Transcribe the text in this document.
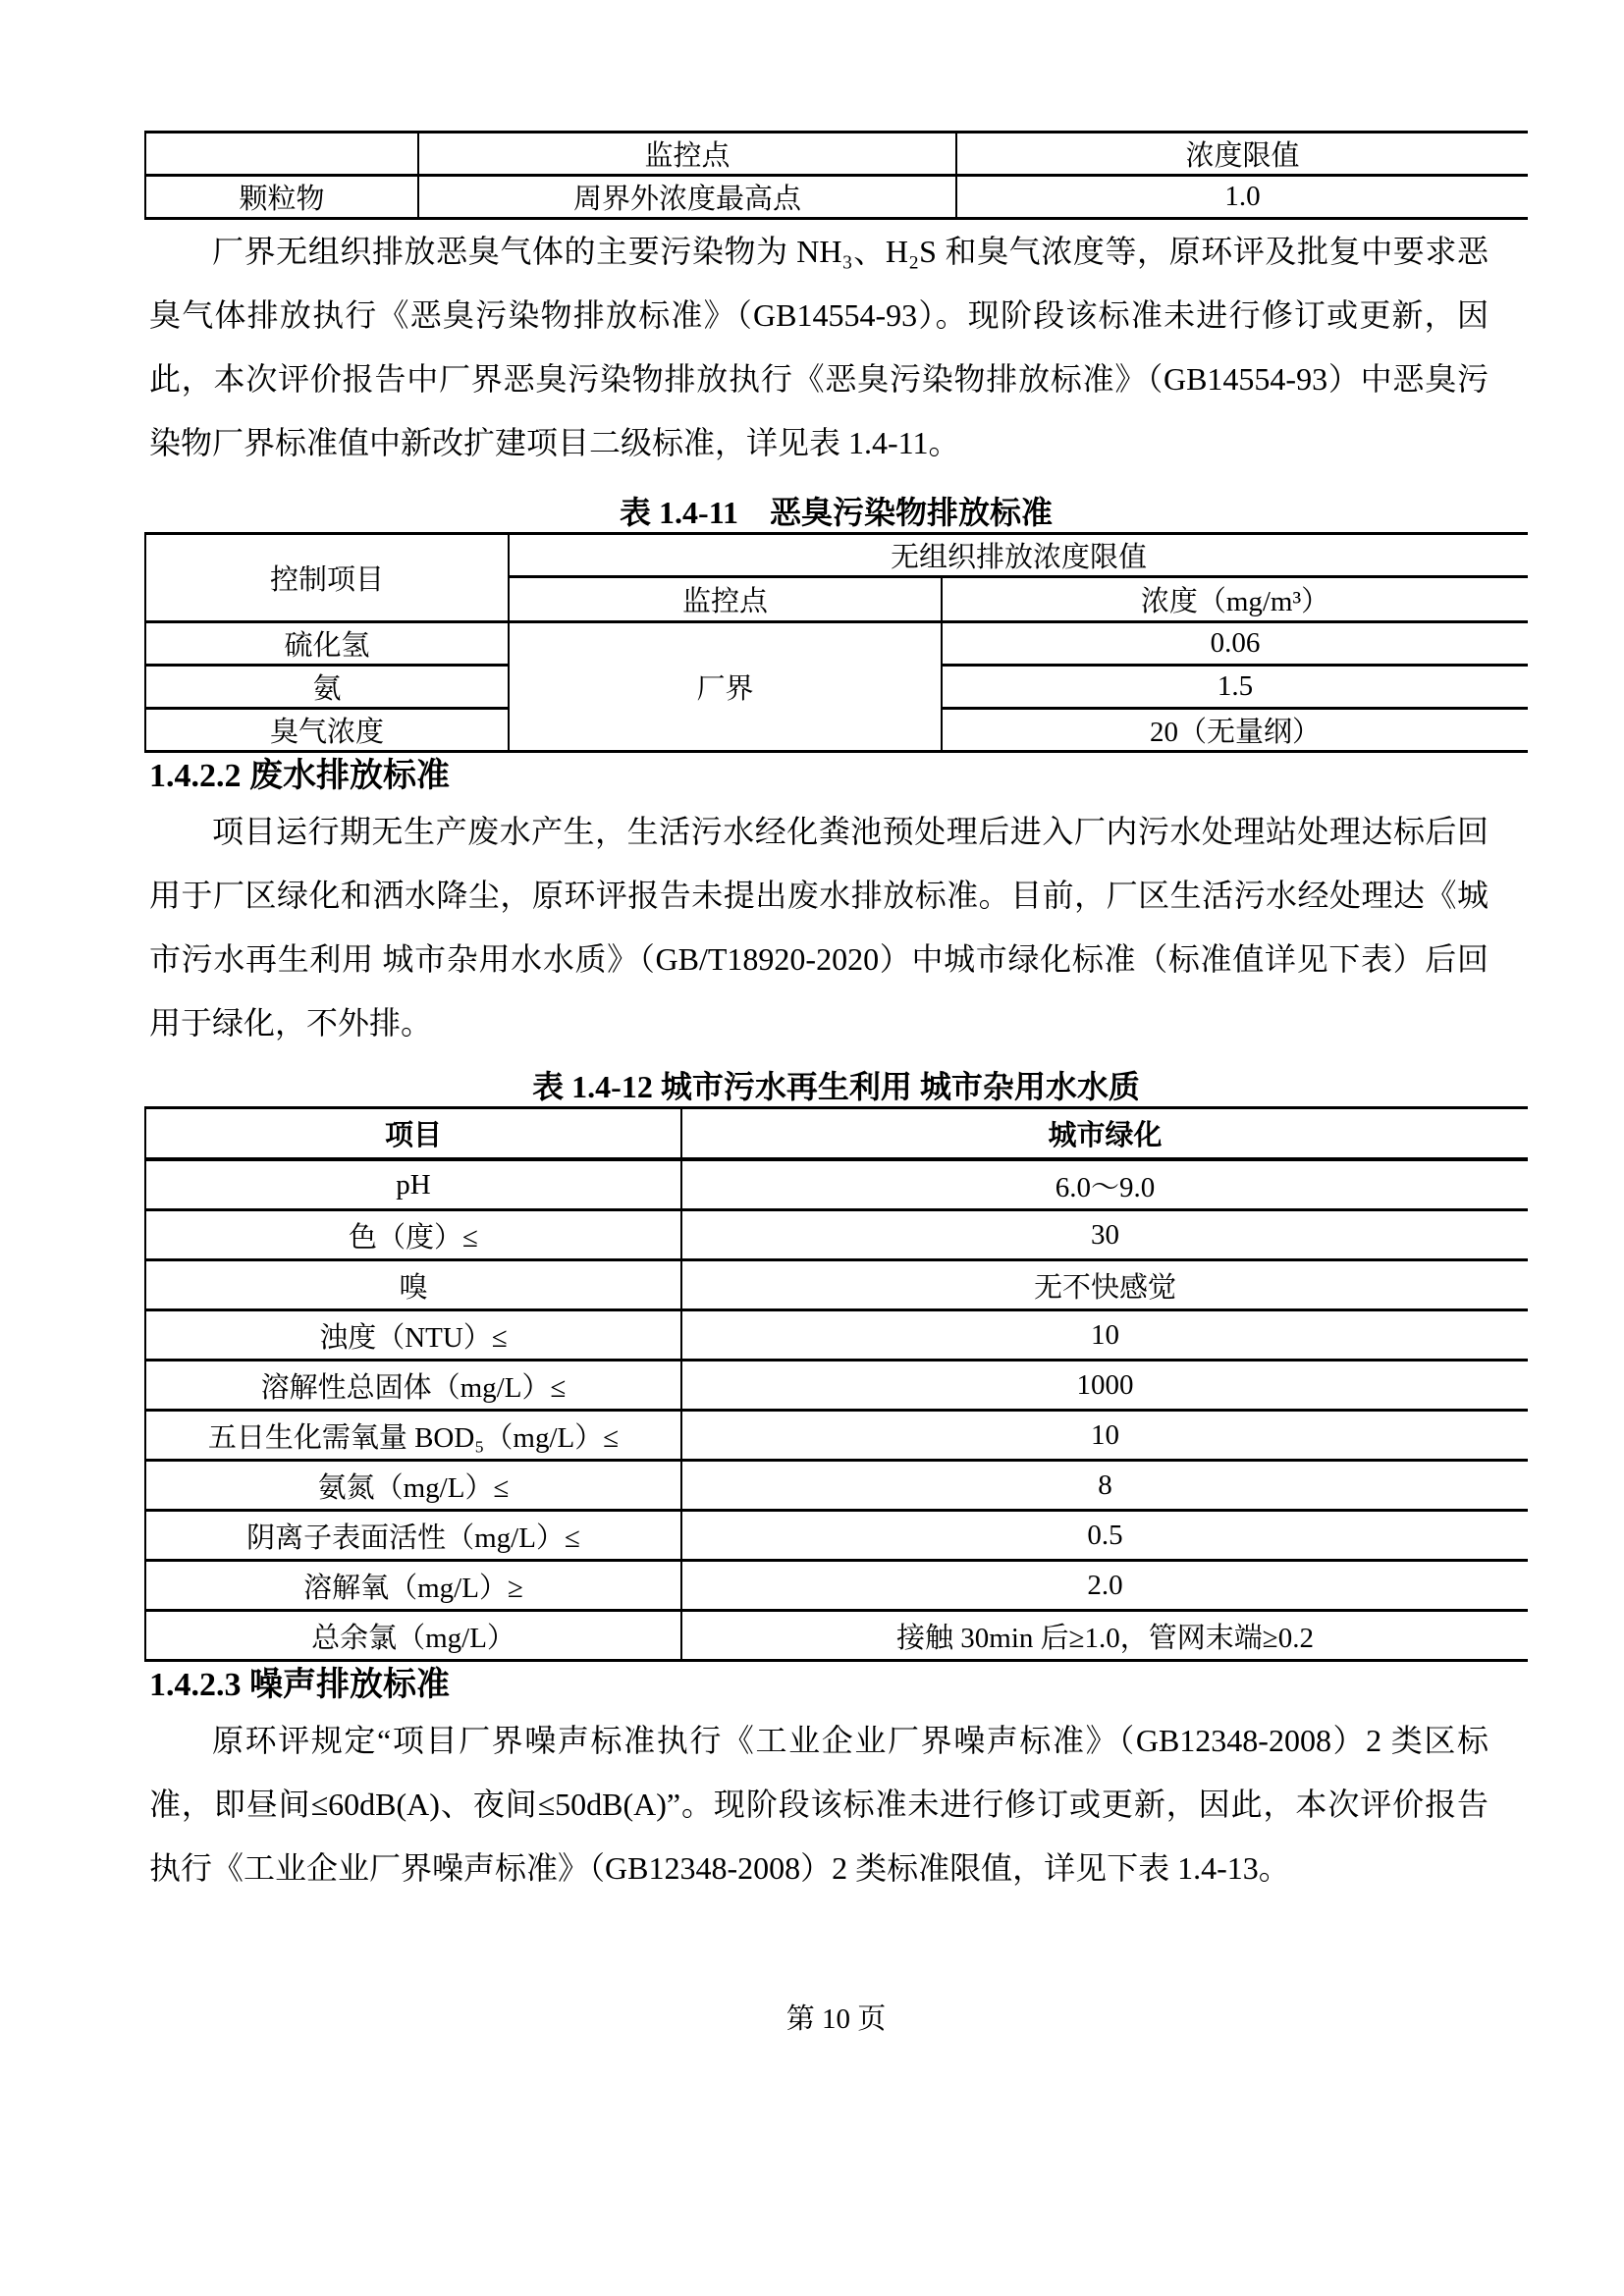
	监控点	浓度限值
颗粒物	周界外浓度最高点	1.0

厂界无组织排放恶臭气体的主要污染物为 NH₃、H₂S 和臭气浓度等，原环评及批复中要求恶臭气体排放执行《恶臭污染物排放标准》（GB14554-93）。现阶段该标准未进行修订或更新，因此，本次评价报告中厂界恶臭污染物排放执行《恶臭污染物排放标准》（GB14554-93）中恶臭污染物厂界标准值中新改扩建项目二级标准，详见表 1.4-11。

表 1.4-11　恶臭污染物排放标准
控制项目	无组织排放浓度限值	
	监控点	浓度（mg/m³）
硫化氢	厂界	0.06
氨		1.5
臭气浓度		20（无量纲）
1.4.2.2 废水排放标准

项目运行期无生产废水产生，生活污水经化粪池预处理后进入厂内污水处理站处理达标后回用于厂区绿化和洒水降尘，原环评报告未提出废水排放标准。目前，厂区生活污水经处理达《城市污水再生利用 城市杂用水水质》（GB/T18920-2020）中城市绿化标准（标准值详见下表）后回用于绿化，不外排。

表 1.4-12 城市污水再生利用 城市杂用水水质
项目	城市绿化
pH	6.0～9.0
色（度）≤	30
嗅	无不快感觉
浊度（NTU）≤	10
溶解性总固体（mg/L）≤	1000
五日生化需氧量 BOD₅（mg/L）≤	10
氨氮（mg/L）≤	8
阴离子表面活性（mg/L）≤	0.5
溶解氧（mg/L）≥	2.0
总余氯（mg/L）	接触 30min 后≥1.0，管网末端≥0.2
1.4.2.3 噪声排放标准

原环评规定“项目厂界噪声标准执行《工业企业厂界噪声标准》（GB12348-2008）2 类区标准，即昼间≤60dB(A)、夜间≤50dB(A)”。现阶段该标准未进行修订或更新，因此，本次评价报告执行《工业企业厂界噪声标准》（GB12348-2008）2 类标准限值，详见下表 1.4-13。

第 10 页
